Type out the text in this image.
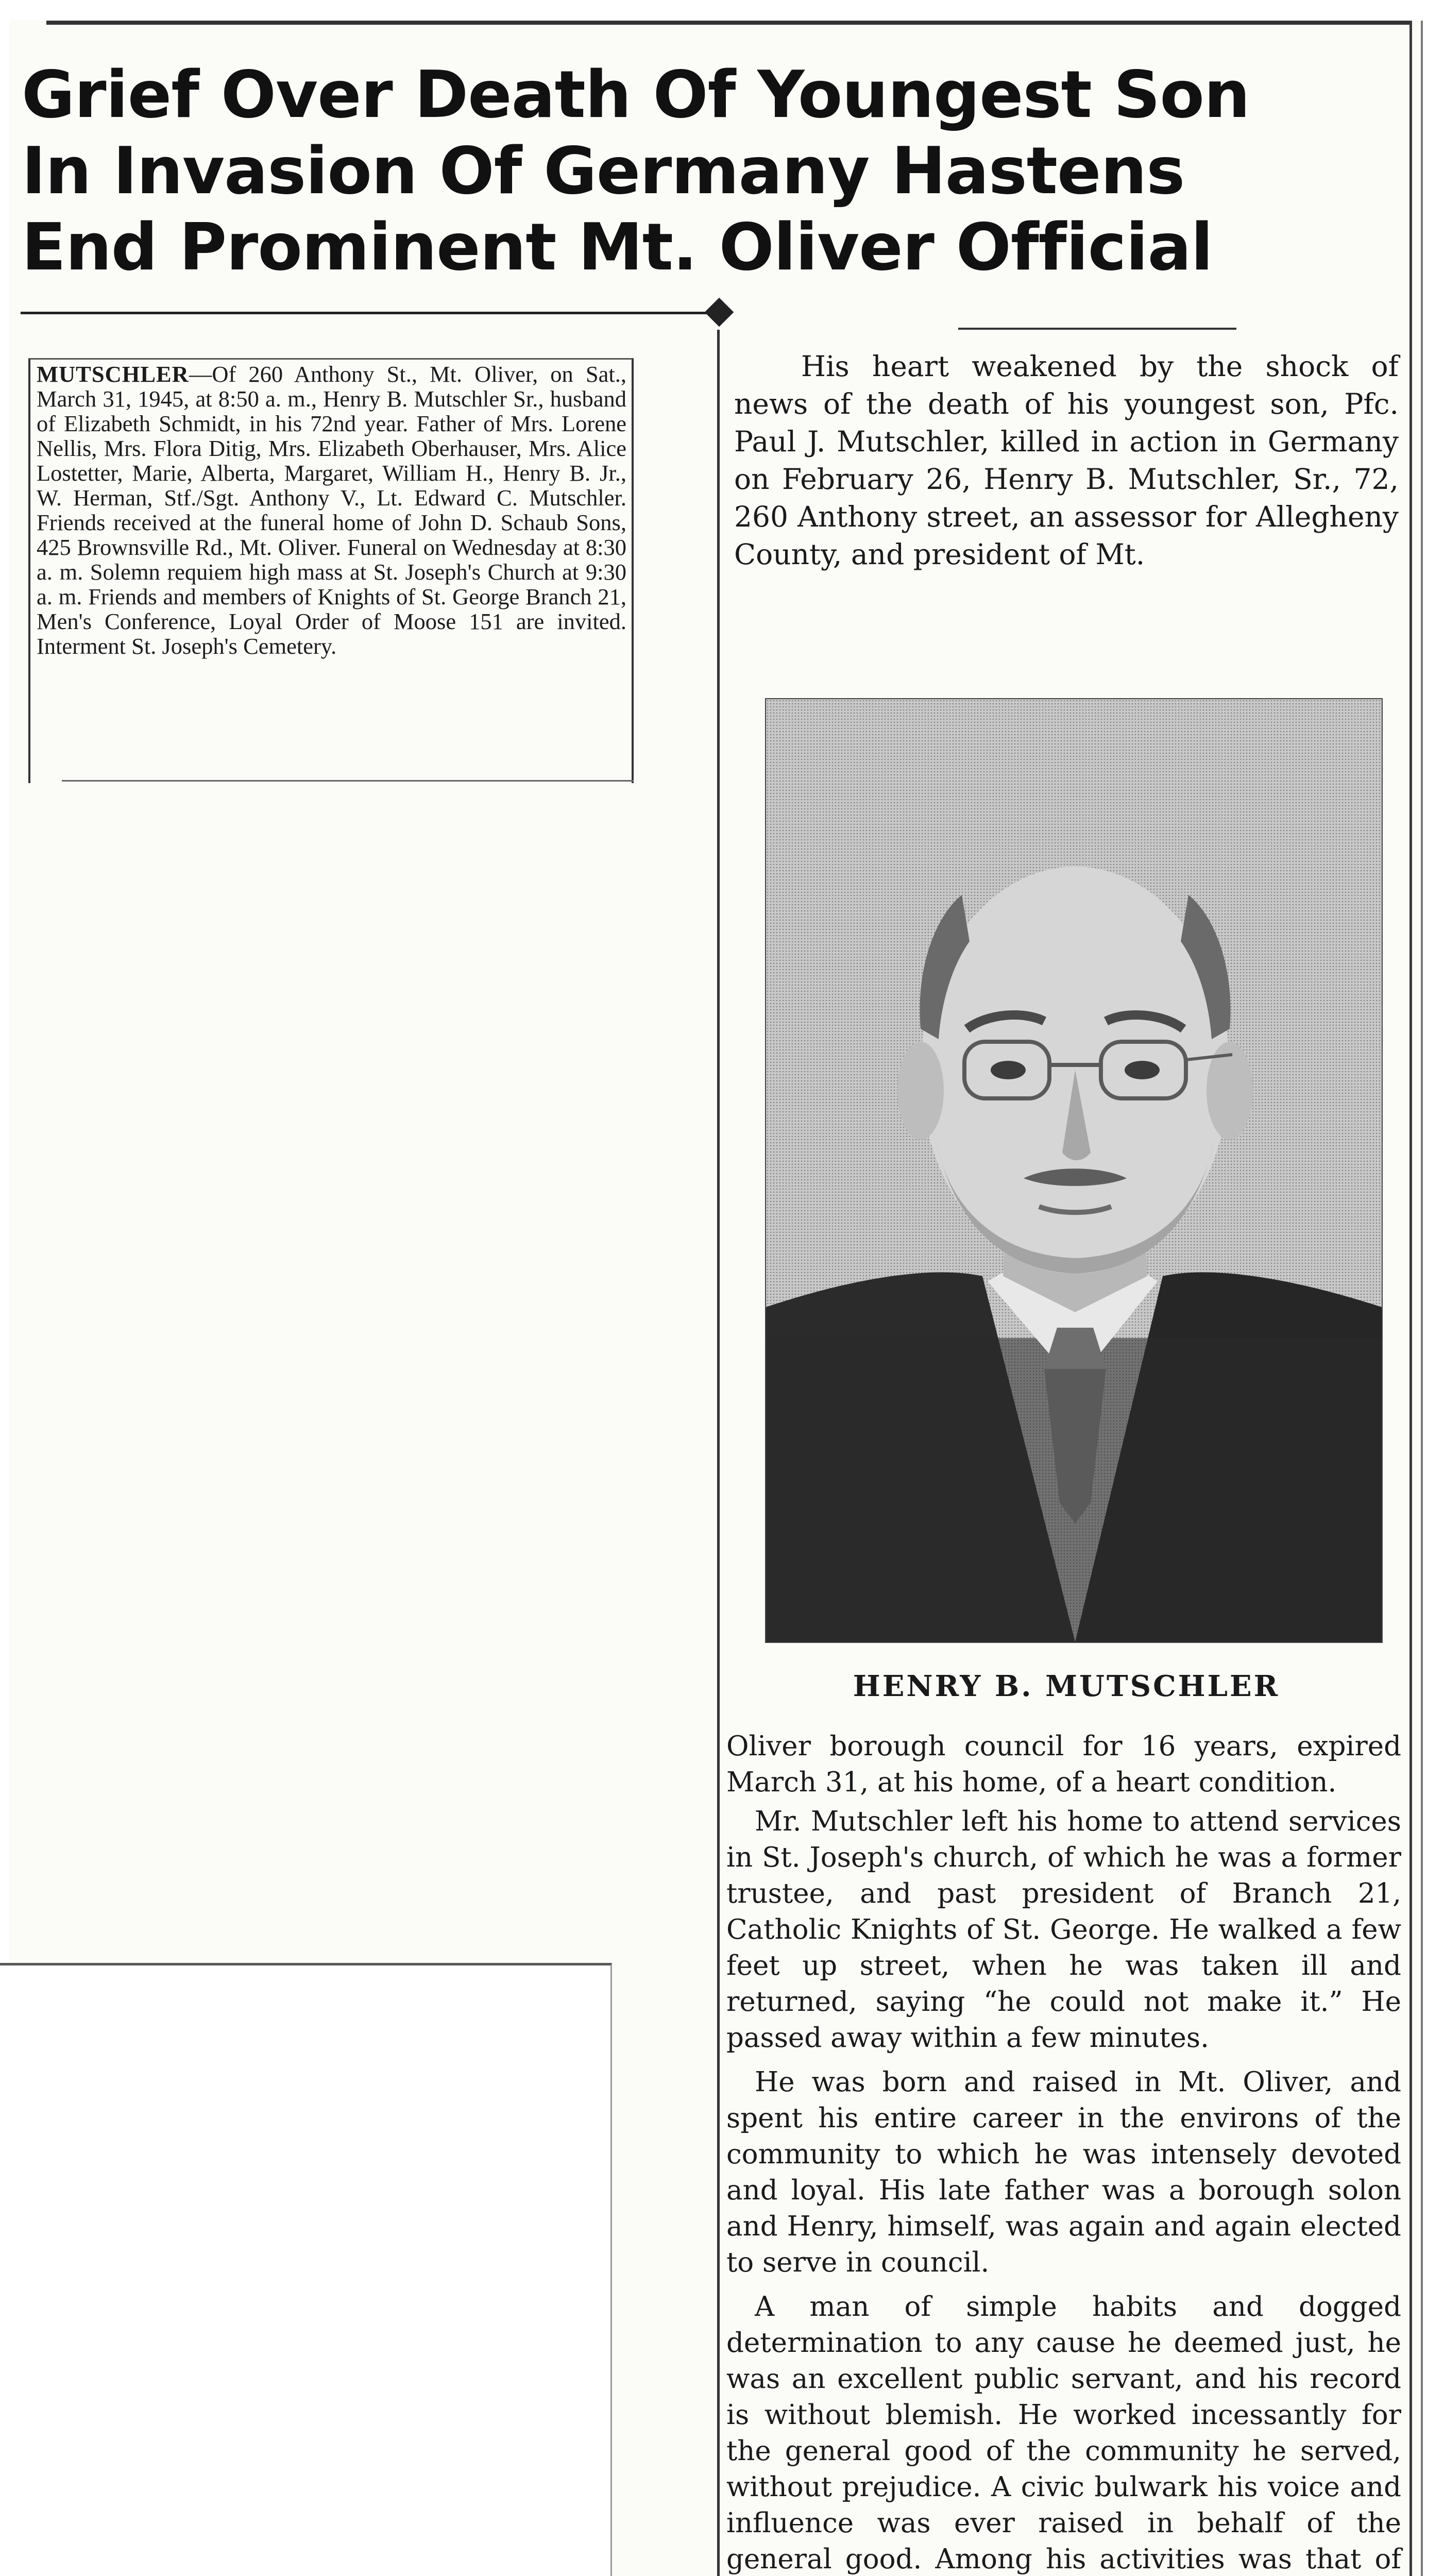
Grief Over Death Of Youngest Son
In Invasion Of Germany Hastens
End Prominent Mt. Oliver Official

MUTSCHLER—Of 260 Anthony St., Mt. Oliver, on Sat., March 31, 1945, at 8:50 a. m., Henry B. Mutschler Sr., husband of Elizabeth Schmidt, in his 72nd year. Father of Mrs. Lorene Nellis, Mrs. Flora Ditig, Mrs. Elizabeth Oberhauser, Mrs. Alice Lostetter, Marie, Alberta, Margaret, William H., Henry B. Jr., W. Herman, Stf./Sgt. Anthony V., Lt. Edward C. Mutschler. Friends received at the funeral home of John D. Schaub Sons, 425 Brownsville Rd., Mt. Oliver. Funeral on Wednesday at 8:30 a. m. Solemn requiem high mass at St. Joseph's Church at 9:30 a. m. Friends and members of Knights of St. George Branch 21, Men's Conference, Loyal Order of Moose 151 are invited. Interment St. Joseph's Cemetery.

His heart weakened by the shock of news of the death of his youngest son, Pfc. Paul J. Mutschler, killed in action in Germany on February 26, Henry B. Mutschler, Sr., 72, 260 Anthony street, an assessor for Allegheny County, and president of Mt.

HENRY B. MUTSCHLER

Oliver borough council for 16 years, expired March 31, at his home, of a heart condition.

Mr. Mutschler left his home to attend services in St. Joseph's church, of which he was a former trustee, and past president of Branch 21, Catholic Knights of St. George. He walked a few feet up street, when he was taken ill and returned, saying “he could not make it.” He passed away within a few minutes.

He was born and raised in Mt. Oliver, and spent his entire career in the environs of the community to which he was intensely devoted and loyal. His late father was a borough solon and Henry, himself, was again and again elected to serve in council.

A man of simple habits and dogged determination to any cause he deemed just, he was an excellent public servant, and his record is without blemish. He worked incessantly for the general good of the community he served, without prejudice. A civic bulwark his voice and influence was ever raised in behalf of the general good. Among his activities was that of
